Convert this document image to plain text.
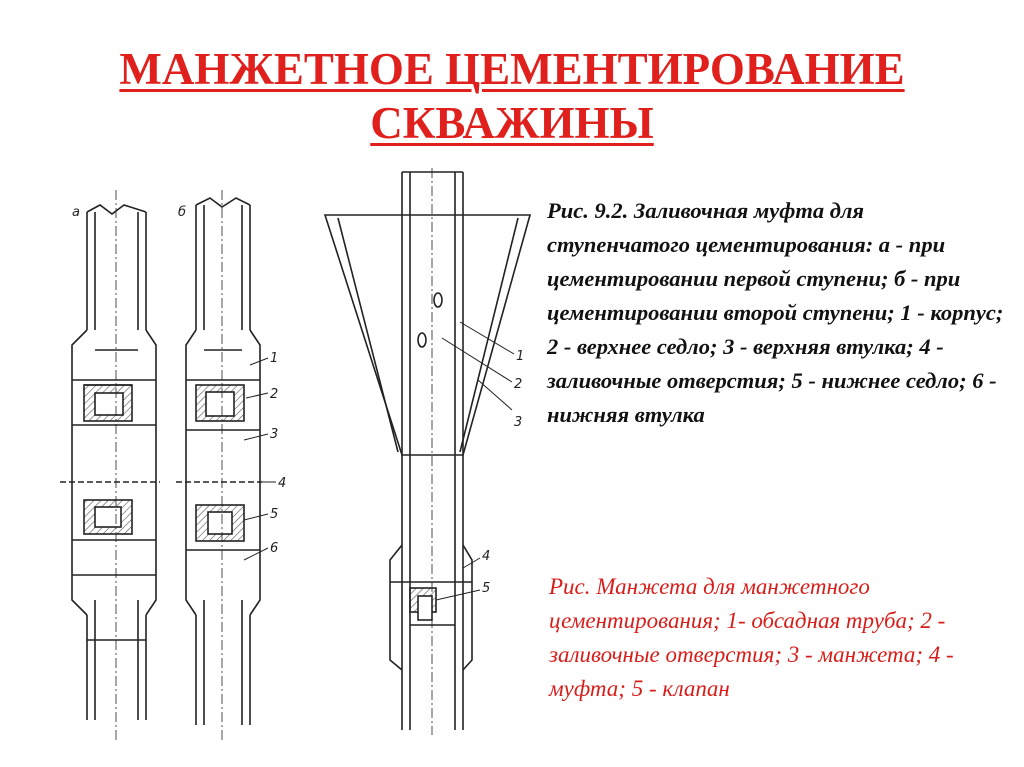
МАНЖЕТНОЕ ЦЕМЕНТИРОВАНИЕ
СКВАЖИНЫ

Рис. 9.2. Заливочная муфта для ступенчатого цементирования: а - при цементировании первой ступени; б - при цементировании второй ступени; 1 - корпус; 2 - верхнее седло; 3 - верхняя втулка; 4 - заливочные отверстия; 5 - нижнее седло; 6 - нижняя втулка

Рис. Манжета для манжетного цементирования; 1- обсадная труба; 2 - заливочные отверстия; 3 - манжета; 4 - муфта; 5 - клапан

а	б
1
2
3
4
5
6
1
2
3
4
5
